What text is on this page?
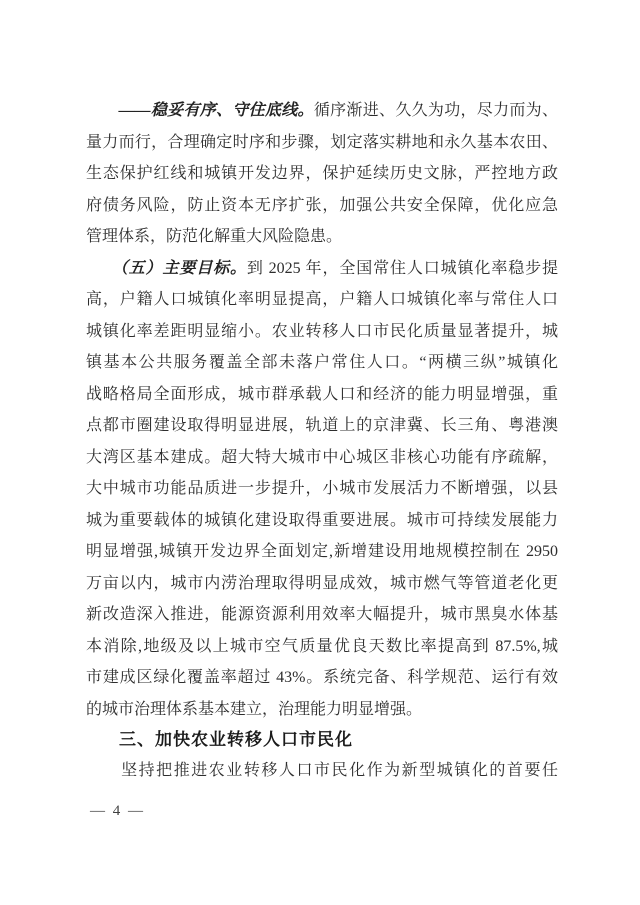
　　——稳妥有序、守住底线。循序渐进、久久为功，尽力而为、
量力而行，合理确定时序和步骤，划定落实耕地和永久基本农田、
生态保护红线和城镇开发边界，保护延续历史文脉，严控地方政
府债务风险，防止资本无序扩张，加强公共安全保障，优化应急
管理体系，防范化解重大风险隐患。
　　（五）主要目标。到 2025 年，全国常住人口城镇化率稳步提
高，户籍人口城镇化率明显提高，户籍人口城镇化率与常住人口
城镇化率差距明显缩小。农业转移人口市民化质量显著提升，城
镇基本公共服务覆盖全部未落户常住人口。“两横三纵”城镇化
战略格局全面形成，城市群承载人口和经济的能力明显增强，重
点都市圈建设取得明显进展，轨道上的京津冀、长三角、粤港澳
大湾区基本建成。超大特大城市中心城区非核心功能有序疏解，
大中城市功能品质进一步提升，小城市发展活力不断增强，以县
城为重要载体的城镇化建设取得重要进展。城市可持续发展能力
明显增强,城镇开发边界全面划定,新增建设用地规模控制在 2950
万亩以内，城市内涝治理取得明显成效，城市燃气等管道老化更
新改造深入推进，能源资源利用效率大幅提升，城市黑臭水体基
本消除,地级及以上城市空气质量优良天数比率提高到 87.5%,城
市建成区绿化覆盖率超过 43%。系统完备、科学规范、运行有效
的城市治理体系基本建立，治理能力明显增强。
三、加快农业转移人口市民化
　　坚持把推进农业转移人口市民化作为新型城镇化的首要任
— 4 —
